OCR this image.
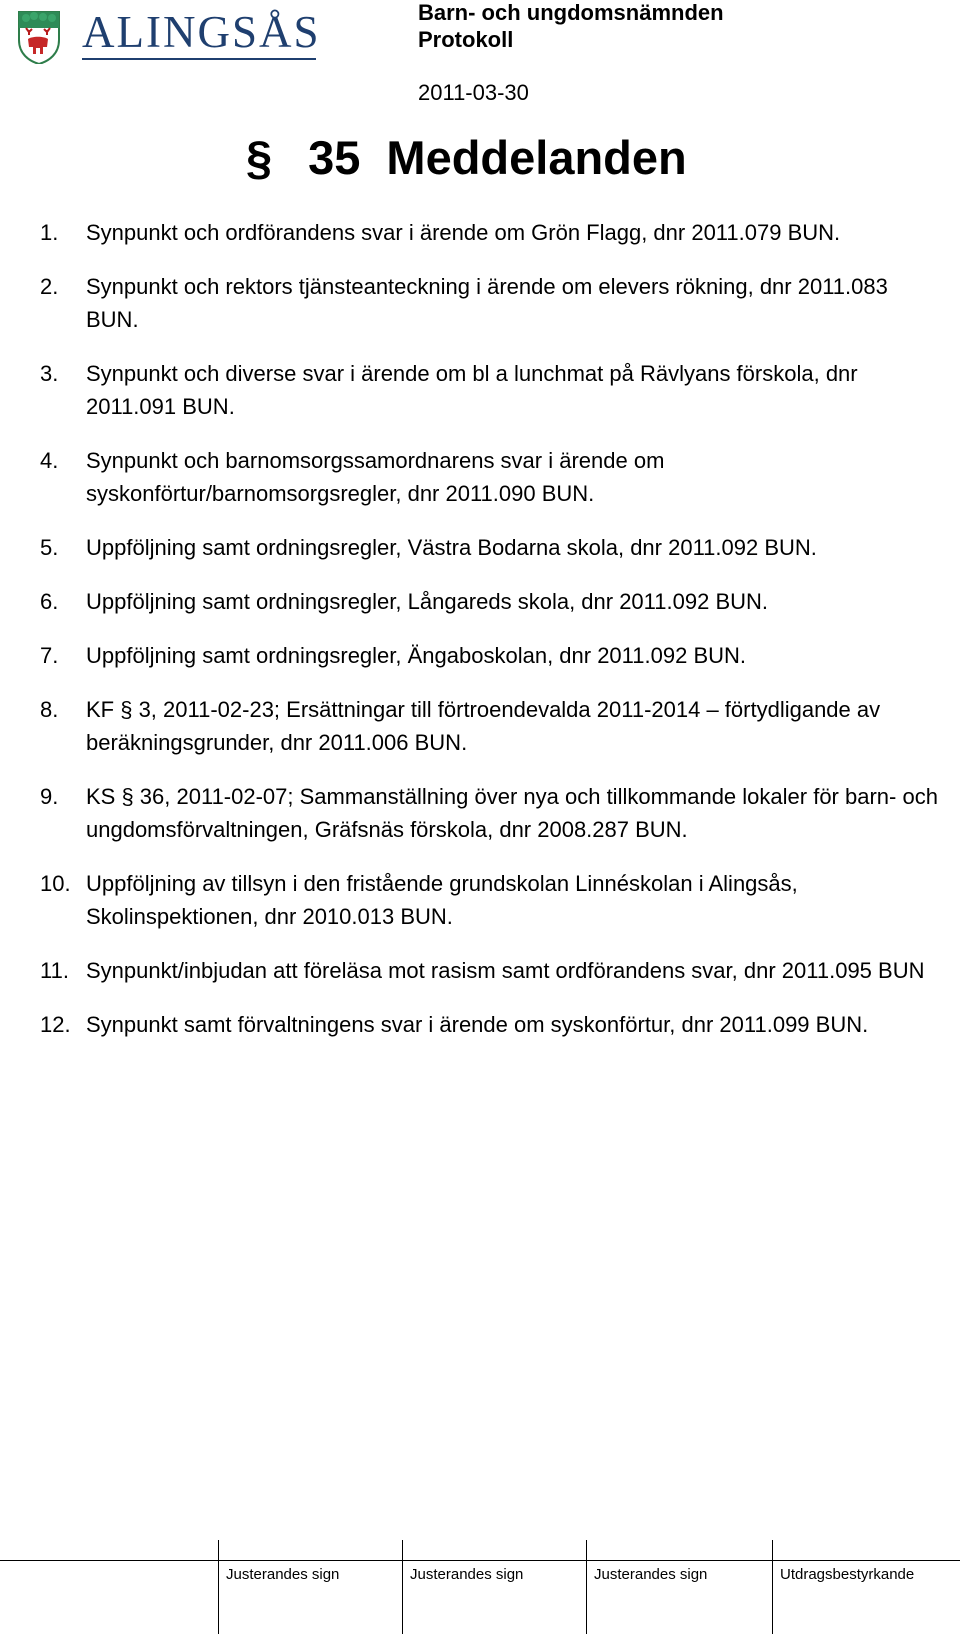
ALINGSÅS	Barn- och ungdomsnämnden
Protokoll
2011-03-30
§ 35 Meddelanden
1.	Synpunkt och ordförandens svar i ärende om Grön Flagg, dnr 2011.079 BUN.
2.	Synpunkt och rektors tjänsteanteckning i ärende om elevers rökning, dnr 2011.083 BUN.
3.	Synpunkt och diverse svar i ärende om bl a lunchmat på Rävlyans förskola, dnr 2011.091 BUN.
4.	Synpunkt och barnomsorgssamordnarens svar i ärende om syskonförtur/barnomsorgsregler, dnr 2011.090 BUN.
5.	Uppföljning samt ordningsregler, Västra Bodarna skola, dnr 2011.092 BUN.
6.	Uppföljning samt ordningsregler, Långareds skola, dnr 2011.092 BUN.
7.	Uppföljning samt ordningsregler, Ängaboskolan, dnr 2011.092 BUN.
8.	KF § 3, 2011-02-23; Ersättningar till förtroendevalda 2011-2014 – förtydligande av beräkningsgrunder, dnr 2011.006 BUN.
9.	KS § 36, 2011-02-07; Sammanställning över nya och tillkommande lokaler för barn- och ungdomsförvaltningen, Gräfsnäs förskola, dnr 2008.287 BUN.
10. Uppföljning av tillsyn i den fristående grundskolan Linnéskolan i Alingsås, Skolinspektionen, dnr 2010.013 BUN.
11. Synpunkt/inbjudan att föreläsa mot rasism samt ordförandens svar, dnr 2011.095 BUN
12. Synpunkt samt förvaltningens svar i ärende om syskonförtur, dnr 2011.099 BUN.
Justerandes sign	Justerandes sign	Justerandes sign	Utdragsbestyrkande
